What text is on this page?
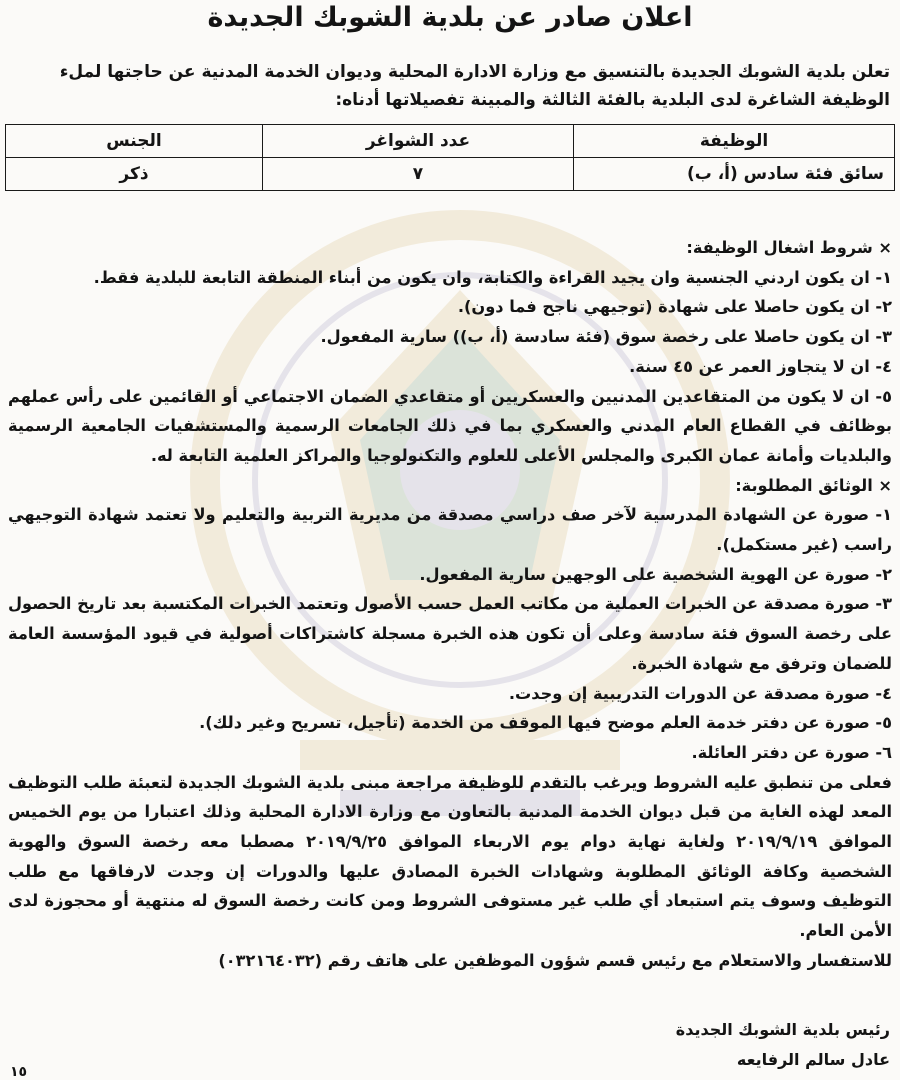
اعلان صادر عن بلدية الشوبك الجديدة

تعلن بلدية الشوبك الجديدة بالتنسيق مع وزارة الادارة المحلية وديوان الخدمة المدنية عن حاجتها لملء الوظيفة الشاغرة لدى البلدية بالفئة الثالثة والمبينة تفصيلاتها أدناه:

الوظيفة	عدد الشواغر	الجنس
سائق فئة سادس (أ، ب)	٧	ذكر

× شروط اشغال الوظيفة:

١- ان يكون اردني الجنسية وان يجيد القراءة والكتابة، وان يكون من أبناء المنطقة التابعة للبلدية فقط.

٢- ان يكون حاصلا على شهادة (توجيهي ناجح فما دون).

٣- ان يكون حاصلا على رخصة سوق (فئة سادسة (أ، ب)) سارية المفعول.

٤- ان لا يتجاوز العمر عن ٤٥ سنة.

٥- ان لا يكون من المتقاعدين المدنيين والعسكريين أو متقاعدي الضمان الاجتماعي أو القائمين على رأس عملهم بوظائف في القطاع العام المدني والعسكري بما في ذلك الجامعات الرسمية والمستشفيات الجامعية الرسمية والبلديات وأمانة عمان الكبرى والمجلس الأعلى للعلوم والتكنولوجيا والمراكز العلمية التابعة له.

× الوثائق المطلوبة:

١- صورة عن الشهادة المدرسية لآخر صف دراسي مصدقة من مديرية التربية والتعليم ولا تعتمد شهادة التوجيهي راسب (غير مستكمل).

٢- صورة عن الهوية الشخصية على الوجهين سارية المفعول.

٣- صورة مصدقة عن الخبرات العملية من مكاتب العمل حسب الأصول وتعتمد الخبرات المكتسبة بعد تاريخ الحصول على رخصة السوق فئة سادسة وعلى أن تكون هذه الخبرة مسجلة كاشتراكات أصولية في قيود المؤسسة العامة للضمان وترفق مع شهادة الخبرة.

٤- صورة مصدقة عن الدورات التدريبية إن وجدت.

٥- صورة عن دفتر خدمة العلم موضح فيها الموقف من الخدمة (تأجيل، تسريح وغير دلك).

٦- صورة عن دفتر العائلة.

فعلى من تنطبق عليه الشروط ويرغب بالتقدم للوظيفة مراجعة مبنى بلدية الشوبك الجديدة لتعبئة طلب التوظيف المعد لهذه الغاية من قبل ديوان الخدمة المدنية بالتعاون مع وزارة الادارة المحلية وذلك اعتبارا من يوم الخميس الموافق ٢٠١٩/٩/١٩ ولغاية نهاية دوام يوم الاربعاء الموافق ٢٠١٩/٩/٢٥ مصطبا معه رخصة السوق والهوية الشخصية وكافة الوثائق المطلوبة وشهادات الخبرة المصادق عليها والدورات إن وجدت لارفاقها مع طلب التوظيف وسوف يتم استبعاد أي طلب غير مستوفى الشروط ومن كانت رخصة السوق له منتهية أو محجوزة لدى الأمن العام.

للاستفسار والاستعلام مع رئيس قسم شؤون الموظفين على هاتف رقم (٠٣٢١٦٤٠٣٢)

رئيس بلدية الشوبك الجديدة
عادل سالم الرفايعه
١٥
